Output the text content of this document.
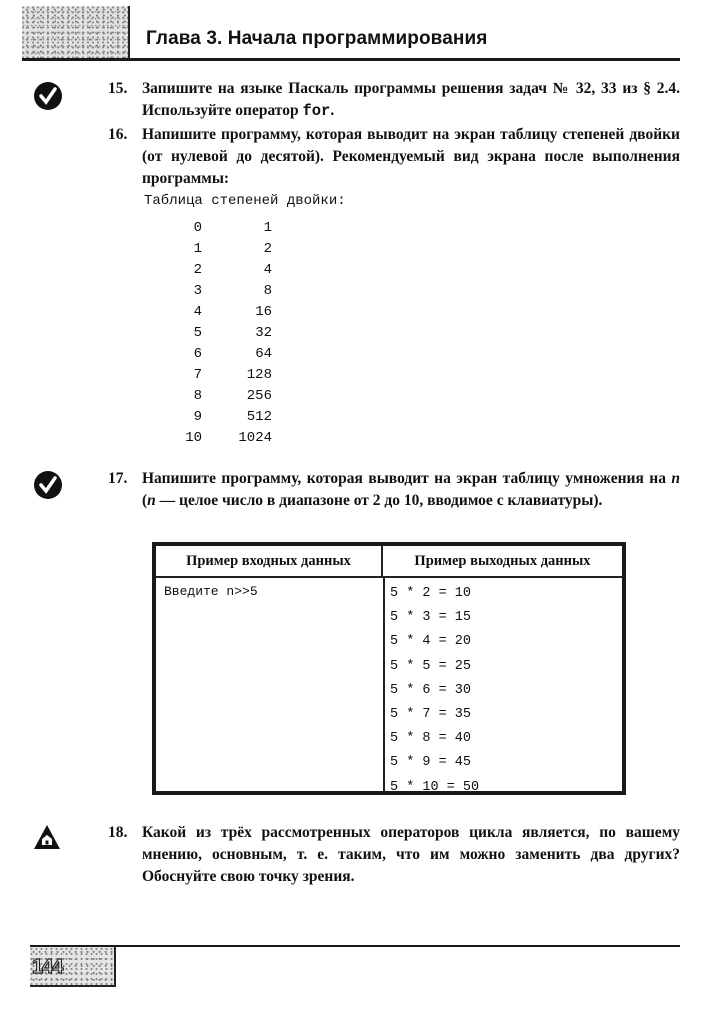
Глава 3. Начала программирования
15. Запишите на языке Паскаль программы решения задач № 32, 33 из § 2.4. Используйте оператор for.
16. Напишите программу, которая выводит на экран таблицу степеней двойки (от нулевой до десятой). Рекомендуемый вид экрана после выполнения программы:
Таблица степеней двойки:
0	1
1	2
2	4
3	8
4	16
5	32
6	64
7	128
8	256
9	512
10	1024
17. Напишите программу, которая выводит на экран таблицу умножения на n (n — целое число в диапазоне от 2 до 10, вводимое с клавиатуры).
Пример входных данных	Пример выходных данных
Введите n>>5	5 * 2 = 10
5 * 3 = 15
5 * 4 = 20
5 * 5 = 25
5 * 6 = 30
5 * 7 = 35
5 * 8 = 40
5 * 9 = 45
5 * 10 = 50
18. Какой из трёх рассмотренных операторов цикла является, по вашему мнению, основным, т. е. таким, что им можно заменить два других? Обоснуйте свою точку зрения.
144
